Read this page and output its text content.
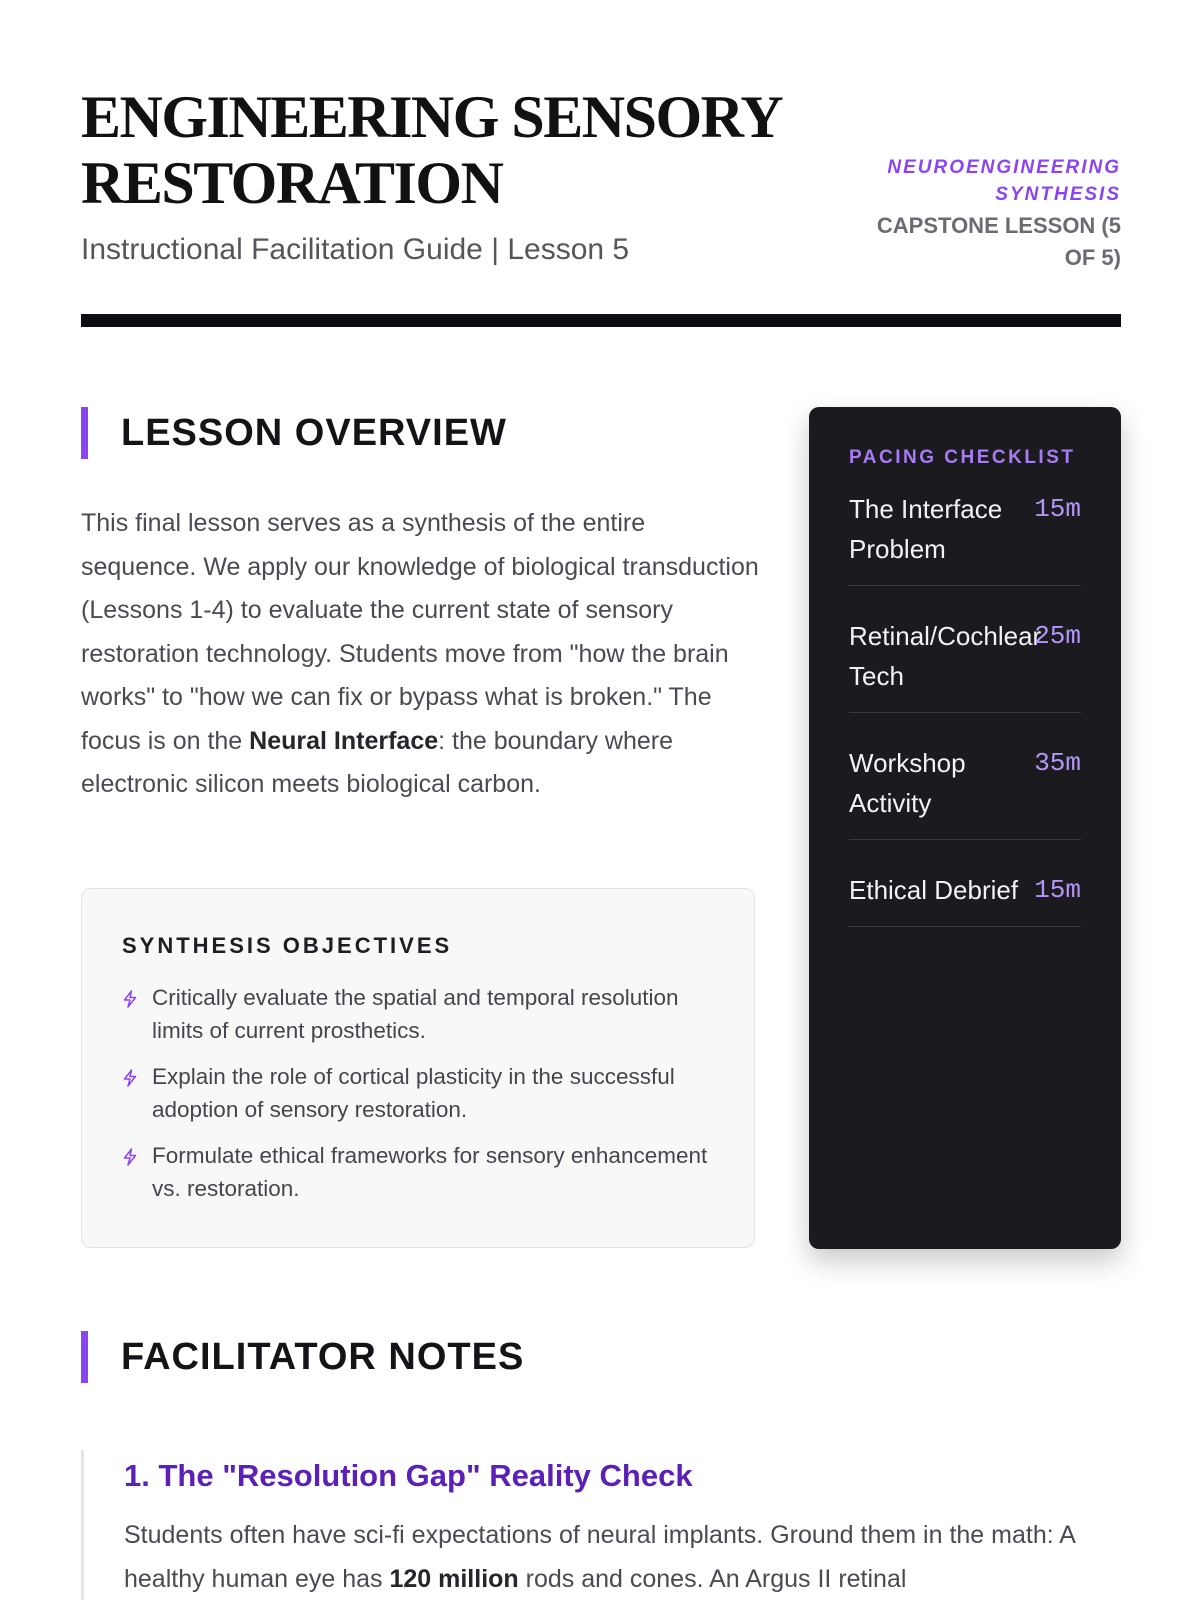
ENGINEERING SENSORY RESTORATION
Instructional Facilitation Guide | Lesson 5
NEUROENGINEERING SYNTHESIS
CAPSTONE LESSON (5 OF 5)
LESSON OVERVIEW

This final lesson serves as a synthesis of the entire sequence. We apply our knowledge of biological transduction (Lessons 1-4) to evaluate the current state of sensory restoration technology. Students move from "how the brain works" to "how we can fix or bypass what is broken." The focus is on the Neural Interface: the boundary where electronic silicon meets biological carbon.

SYNTHESIS OBJECTIVES
Critically evaluate the spatial and temporal resolution limits of current prosthetics.
Explain the role of cortical plasticity in the successful adoption of sensory restoration.
Formulate ethical frameworks for sensory enhancement vs. restoration.
PACING CHECKLIST
The Interface Problem
15m
Retinal/Cochlear Tech
25m
Workshop Activity
35m
Ethical Debrief 15m
FACILITATOR NOTES
1. The "Resolution Gap" Reality Check

Students often have sci-fi expectations of neural implants. Ground them in the math: A healthy human eye has 120 million rods and cones. An Argus II retinal
